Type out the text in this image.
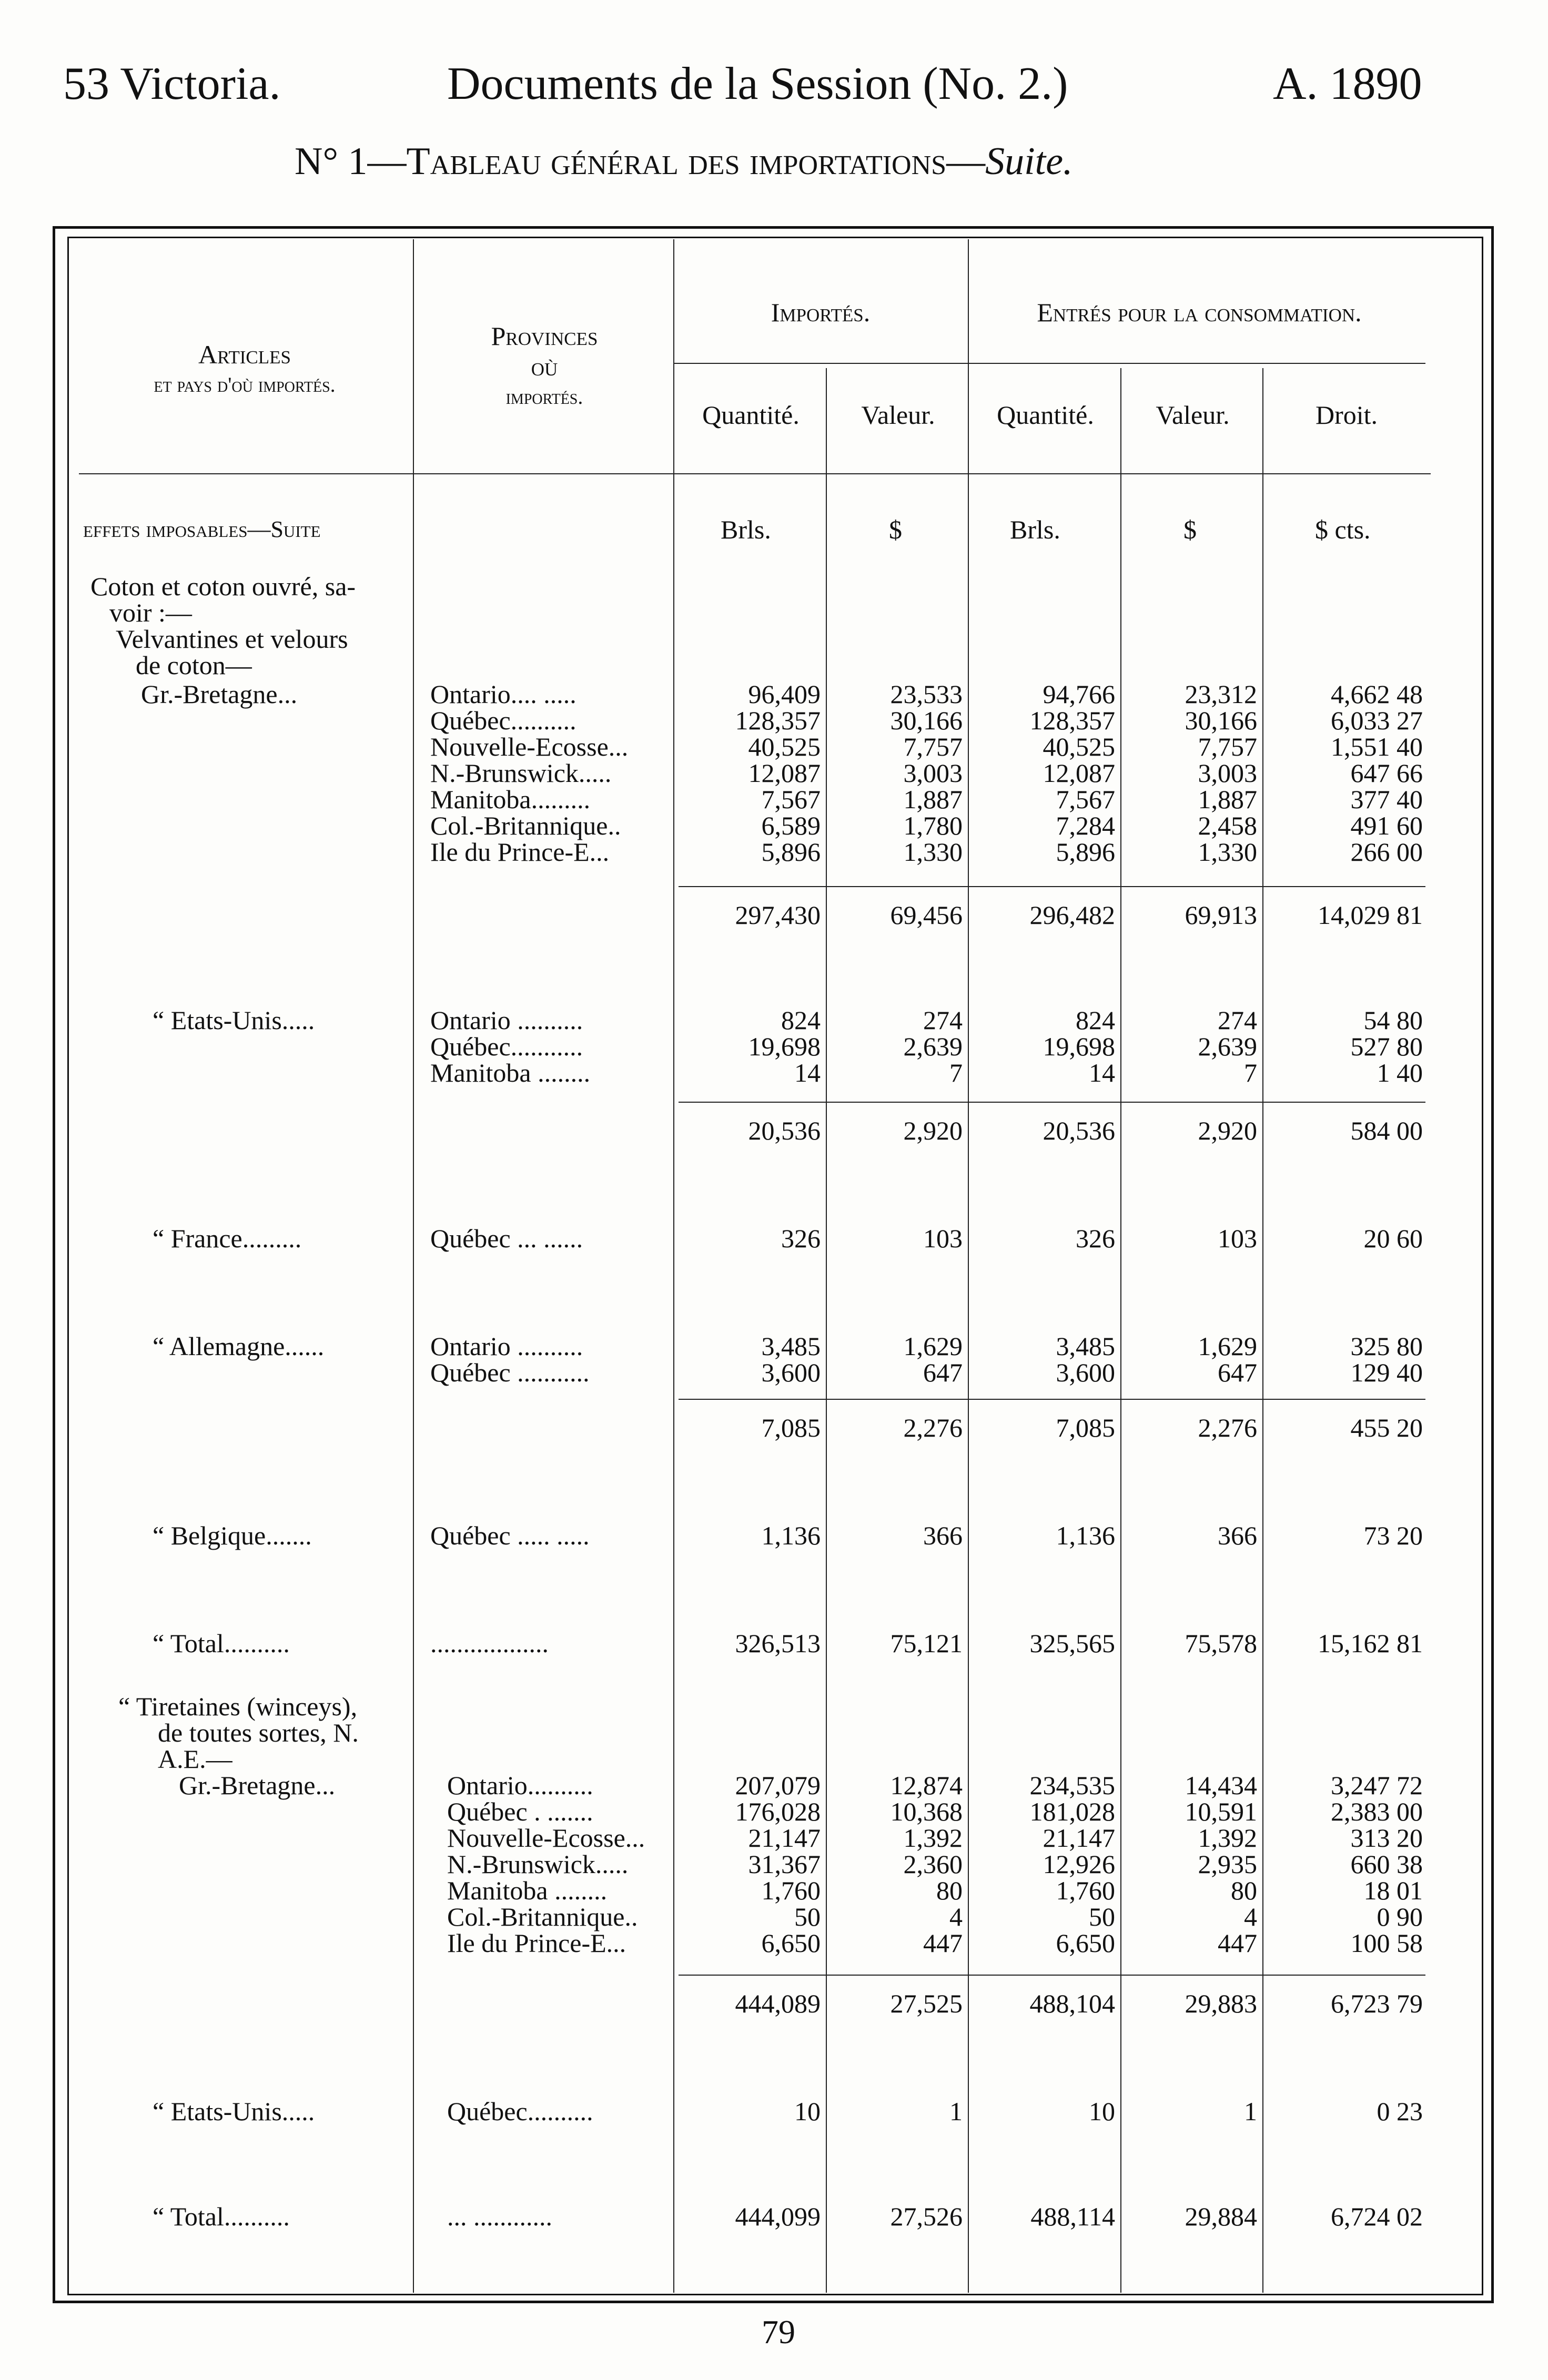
53 Victoria.	Documents de la Session (No. 2.)	A. 1890
N° 1—Tableau général des importations—Suite.
Articles
et pays d'où importés.
Provinces
où
importés.
Importés.	Entrés pour la consommation.
Quantité.	Valeur.	Quantité.	Valeur.	Droit.
Brls.	$	Brls.	$	$ cts.
effets imposables—Suite
Coton et coton ouvré, sa-
voir :—
Velvantines et velours
de coton—
Gr.-Bretagne...	Ontario.... .....	96,409	23,533	94,766	23,312	4,662 48
Québec..........	128,357	30,166	128,357	30,166	6,033 27
Nouvelle-Ecosse...	40,525	7,757	40,525	7,757	1,551 40
N.-Brunswick.....	12,087	3,003	12,087	3,003	647 66
Manitoba.........	7,567	1,887	7,567	1,887	377 40
Col.-Britannique..	6,589	1,780	7,284	2,458	491 60
Ile du Prince-E...	5,896	1,330	5,896	1,330	266 00
297,430	69,456	296,482	69,913	14,029 81
“ Etats-Unis.....	Ontario ..........	824	274	824	274	54 80
Québec...........	19,698	2,639	19,698	2,639	527 80
Manitoba ........	14	7	14	7	1 40
20,536	2,920	20,536	2,920	584 00
“ France.........	Québec ... ......	326	103	326	103	20 60
“ Allemagne......	Ontario ..........	3,485	1,629	3,485	1,629	325 80
Québec ...........	3,600	647	3,600	647	129 40
7,085	2,276	7,085	2,276	455 20
“ Belgique.......	Québec ..... .....	1,136	366	1,136	366	73 20
“ Total..........	..................	326,513	75,121	325,565	75,578	15,162 81
“ Tiretaines (winceys),
de toutes sortes, N.
A.E.—
Gr.-Bretagne...	Ontario..........	207,079	12,874	234,535	14,434	3,247 72
Québec . .......	176,028	10,368	181,028	10,591	2,383 00
Nouvelle-Ecosse...	21,147	1,392	21,147	1,392	313 20
N.-Brunswick.....	31,367	2,360	12,926	2,935	660 38
Manitoba ........	1,760	80	1,760	80	18 01
Col.-Britannique..	50	4	50	4	0 90
Ile du Prince-E...	6,650	447	6,650	447	100 58
444,089	27,525	488,104	29,883	6,723 79
“ Etats-Unis.....	Québec..........	10	1	10	1	0 23
“ Total..........	... ............	444,099	27,526	488,114	29,884	6,724 02
79
